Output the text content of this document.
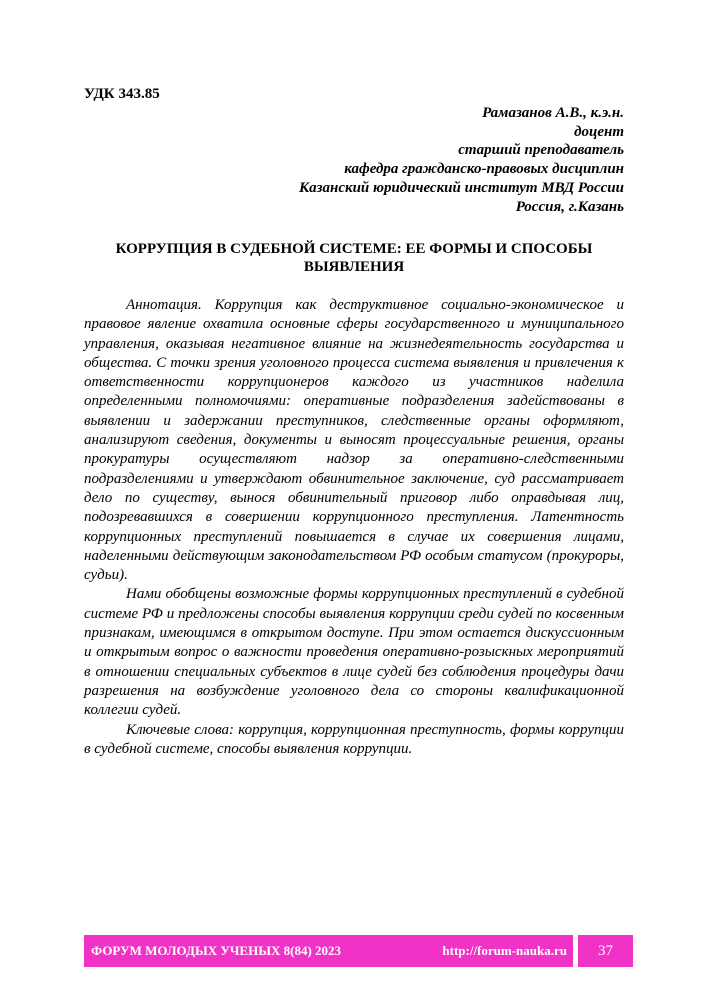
УДК 343.85
Рамазанов А.В., к.э.н.
доцент
старший преподаватель
кафедра гражданско-правовых дисциплин
Казанский юридический институт МВД России
Россия, г.Казань
КОРРУПЦИЯ В СУДЕБНОЙ СИСТЕМЕ: ЕЕ ФОРМЫ И СПОСОБЫ ВЫЯВЛЕНИЯ

Аннотация. Коррупция как деструктивное социально-экономическое и правовое явление охватила основные сферы государственного и муниципального управления, оказывая негативное влияние на жизнедеятельность государства и общества. С точки зрения уголовного процесса система выявления и привлечения к ответственности коррупционеров каждого из участников наделила определенными полномочиями: оперативные подразделения задействованы в выявлении и задержании преступников, следственные органы оформляют, анализируют сведения, документы и выносят процессуальные решения, органы прокуратуры осуществляют надзор за оперативно-следственными подразделениями и утверждают обвинительное заключение, суд рассматривает дело по существу, вынося обвинительный приговор либо оправдывая лиц, подозревавшихся в совершении коррупционного преступления. Латентность коррупционных преступлений повышается в случае их совершения лицами, наделенными действующим законодательством РФ особым статусом (прокуроры, судьи).

Нами обобщены возможные формы коррупционных преступлений в судебной системе РФ и предложены способы выявления коррупции среди судей по косвенным признакам, имеющимся в открытом доступе. При этом остается дискуссионным и открытым вопрос о важности проведения оперативно-розыскных мероприятий в отношении специальных субъектов в лице судей без соблюдения процедуры дачи разрешения на возбуждение уголовного дела со стороны квалификационной коллегии судей.

Ключевые слова: коррупция, коррупционная преступность, формы коррупции в судебной системе, способы выявления коррупции.

ФОРУМ МОЛОДЫХ УЧЕНЫХ 8(84) 2023	http://forum-nauka.ru	37
